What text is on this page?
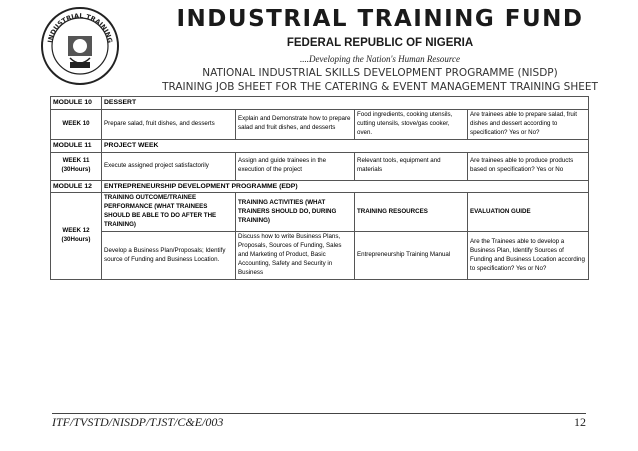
INDUSTRIAL TRAINING
INDUSTRIAL TRAINING FUND
FEDERAL REPUBLIC OF NIGERIA
....Developing the Nation's Human Resource
NATIONAL INDUSTRIAL SKILLS DEVELOPMENT PROGRAMME (NISDP)
TRAINING JOB SHEET FOR THE CATERING & EVENT MANAGEMENT TRAINING SHEET
MODULE 10	DESSERT			
WEEK 10	Prepare salad, fruit dishes, and desserts	Explain and Demonstrate how to prepare salad and fruit dishes, and desserts	Food ingredients, cooking utensils, cutting utensils, stove/gas cooker, oven.	Are trainees able to prepare salad, fruit dishes and dessert according to specification? Yes or No?
MODULE 11	PROJECT WEEK			

WEEK 11
(30Hours)	Execute assigned project satisfactorily	Assign and guide trainees in the execution of the project	Relevant tools, equipment and materials	Are trainees able to produce products based on specification? Yes or No
MODULE 12	ENTREPRENEURSHIP DEVELOPMENT PROGRAMME (EDP)			

WEEK 12
(30Hours)	TRAINING OUTCOME/TRAINEE PERFORMANCE (WHAT TRAINEES SHOULD BE ABLE TO DO AFTER THE TRAINING)	TRAINING ACTIVITIES (WHAT TRAINERS SHOULD DO, DURING TRAINING)	TRAINING RESOURCES	EVALUATION GUIDE
	Develop a Business Plan/Proposals; Identify source of Funding and Business Location.	Discuss how to write Business Plans, Proposals, Sources of Funding, Sales and Marketing of Product, Basic Accounting, Safety and Security in Business	Entrepreneurship Training Manual	Are the Trainees able to develop a Business Plan, Identify Sources of Funding and Business Location according to specification? Yes or No?
ITF/TVSTD/NISDP/TJST/C&E/003	12
